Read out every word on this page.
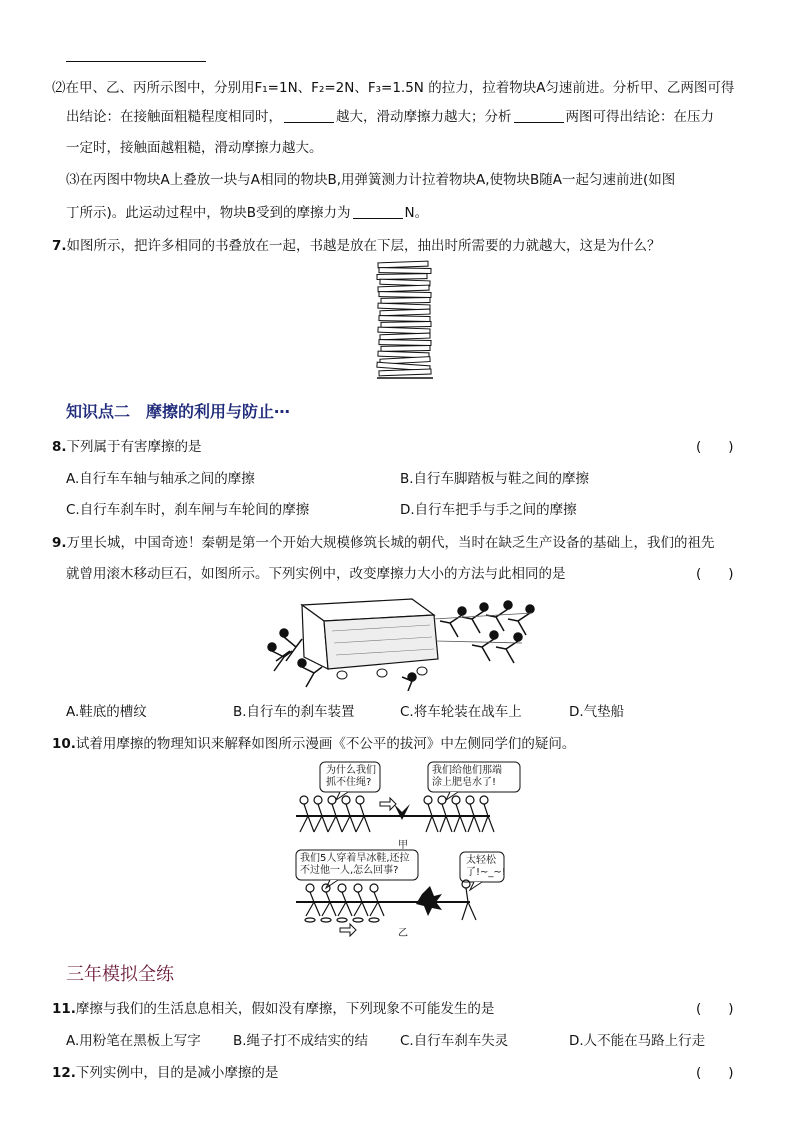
⑵在甲、乙、丙所示图中，分别用F₁=1N、F₂=2N、F₃=1.5N 的拉力，拉着物块A匀速前进。分析甲、乙两图可得
出结论：在接触面粗糙程度相同时，	越大，滑动摩擦力越大；分析	两图可得出结论：在压力
一定时，接触面越粗糙，滑动摩擦力越大。
⑶在丙图中物块A上叠放一块与A相同的物块B,用弹簧测力计拉着物块A,使物块B随A一起匀速前进(如图
丁所示)。此运动过程中，物块B受到的摩擦力为	N。
7.如图所示，把许多相同的书叠放在一起，书越是放在下层，抽出时所需要的力就越大，这是为什么？
知识点二　摩擦的利用与防止⋯
8.下列属于有害摩擦的是	(　　)
A.自行车车轴与轴承之间的摩擦	B.自行车脚踏板与鞋之间的摩擦
C.自行车刹车时，刹车闸与车轮间的摩擦	D.自行车把手与手之间的摩擦
9.万里长城，中国奇迹！秦朝是第一个开始大规模修筑长城的朝代，当时在缺乏生产设备的基础上，我们的祖先
就曾用滚木移动巨石，如图所示。下列实例中，改变摩擦力大小的方法与此相同的是	(　　)
A.鞋底的槽纹	B.自行车的刹车装置	C.将车轮装在战车上	D.气垫船
10.试着用摩擦的物理知识来解释如图所示漫画《不公平的拔河》中左侧同学们的疑问。
为什么我们
抓不住绳?
我们给他们那端
涂上肥皂水了!
甲
我们5人穿着旱冰鞋,还拉
不过他一人,怎么回事?
太轻松
了!~_~!
乙
三年模拟全练
11.摩擦与我们的生活息息相关，假如没有摩擦，下列现象不可能发生的是	(　　)
A.用粉笔在黑板上写字 B.绳子打不成结实的结 C.自行车刹车失灵	D.人不能在马路上行走
12.下列实例中，目的是减小摩擦的是	(　　)
